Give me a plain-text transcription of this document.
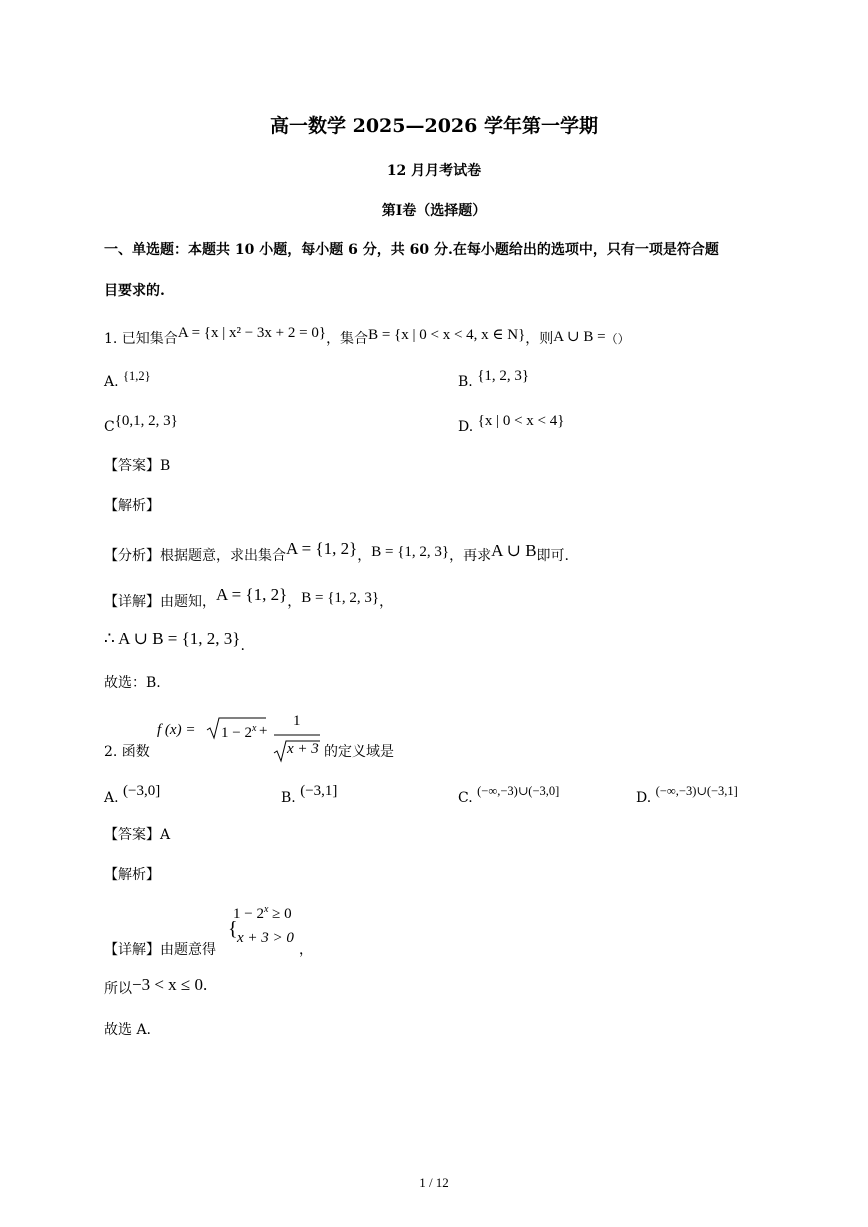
高一数学 2025—2026 学年第一学期
12 月月考试卷
第Ⅰ卷（选择题）
一、单选题：本题共 10 小题，每小题 6 分，共 60 分.在每小题给出的选项中，只有一项是符合题
目要求的.
1. 已知集合A = {x | x² − 3x + 2 = 0}，集合B = {x | 0 < x < 4, x ∈ N}，则A ∪ B =（）
A. {1,2}	B. {1, 2, 3}
C{0,1, 2, 3}	D. {x | 0 < x < 4}
【答案】B
【解析】
【分析】根据题意，求出集合A = {1, 2}，B = {1, 2, 3}，再求A ∪ B即可.
【详解】由题知，A = {1, 2}，B = {1, 2, 3}，
∴ A ∪ B = {1, 2, 3}.
故选：B.
2. 函数
f $(x) = 1 - 2^x$ +
1
x + 3 的定义域是
A. (−3,0]	B. (−3,1]	C. (−∞,−3)∪(−3,0]	D. (−∞,−3)∪(−3,1]
【答案】A
【解析】
【详解】由题意得
{
$1 - 2^x \ge 0$
x + 3 > 0
，
所以−3 < x ≤ 0.
故选 A.
1 / 12
